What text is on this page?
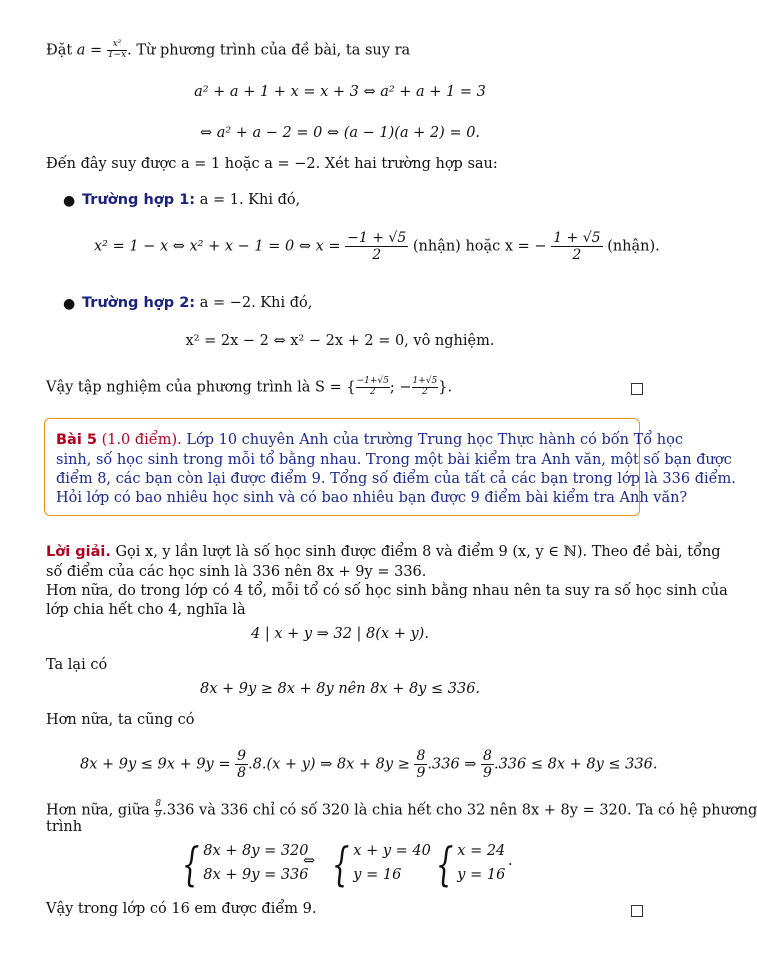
Đặt $a = \frac{\text{x²}}{1-x}$ . Từ phương trình của đề bài, ta suy ra
a² + a + 1 + x = x + 3 ⇔ a² + a + 1 = 3
⇔ a² + a − 2 = 0 ⇔ (a − 1)(a + 2) = 0.
Đến đây suy được a = 1 hoặc a = −2. Xét hai trường hợp sau:
● Trường hợp 1: a = 1. Khi đó,
x² = 1 − x ⇔ x² + x − 1 = 0 ⇔ $x = \frac{-1 + √5}{2}$ (nhận) hoặc x = − $\frac{1 + √5}{2}$ (nhận).
● Trường hợp 2: a = −2. Khi đó,
x² = 2x − 2 ⇔ x² − 2x + 2 = 0, vô nghiệm.
Vậy tập nghiệm của phương trình là S = { $\frac{-1+√5}{2}$ ; − $\frac{1+√5}{2}$ }.
Bài 5 (1.0 điểm). Lớp 10 chuyên Anh của trường Trung học Thực hành có bốn Tổ học
sinh, số học sinh trong mỗi tổ bằng nhau. Trong một bài kiểm tra Anh văn, một số bạn được
điểm 8, các bạn còn lại được điểm 9. Tổng số điểm của tất cả các bạn trong lớp là 336 điểm.
Hỏi lớp có bao nhiêu học sinh và có bao nhiêu bạn được 9 điểm bài kiểm tra Anh văn?
Lời giải. Gọi x, y lần lượt là số học sinh được điểm 8 và điểm 9 (x, y ∈ ℕ). Theo đề bài, tổng
số điểm của các học sinh là 336 nên 8x + 9y = 336.
Hơn nữa, do trong lớp có 4 tổ, mỗi tổ có số học sinh bằng nhau nên ta suy ra số học sinh của
lớp chia hết cho 4, nghĩa là
4 | x + y ⇒ 32 | 8(x + y).
Ta lại có
8x + 9y ≥ 8x + 8y nên 8x + 8y ≤ 336.
Hơn nữa, ta cũng có
$8x + 9y \le 9x + 9y = \frac{9}{8} .8.(x + y)$ ⇒ $8x + 8y \ge \frac{8}{9} .336$ ⇒ $\frac{8}{9} .336 \le 8x + 8y \le 336$.
Hơn nữa, giữa $\frac{8}{9} .336$ và 336 chỉ có số 320 là chia hết cho 32 nên 8x + 8y = 320. Ta có hệ phương
trình
{ 8x + 8y = 320
8x + 9y = 336
⇔ { x + y = 40
y = 16 { x = 24
y = 16
.
Vậy trong lớp có 16 em được điểm 9.
